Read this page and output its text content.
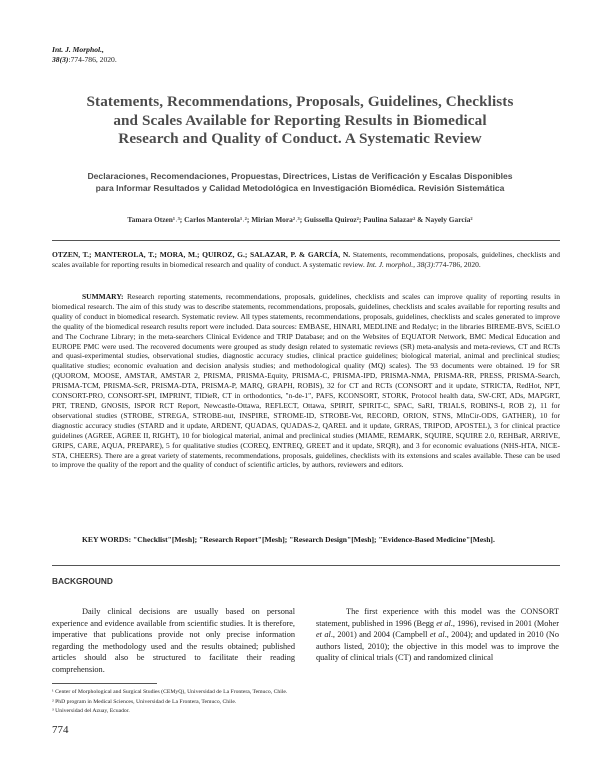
Int. J. Morphol.,
38(3):774-786, 2020.
Statements, Recommendations, Proposals, Guidelines, Checklists
and Scales Available for Reporting Results in Biomedical
Research and Quality of Conduct. A Systematic Review
Declaraciones, Recomendaciones, Propuestas, Directrices, Listas de Verificación y Escalas Disponibles
para Informar Resultados y Calidad Metodológica en Investigación Biomédica. Revisión Sistemática
Tamara Otzen¹˒³; Carlos Manterola¹˒²; Mirian Mora²˒³; Guissella Quiroz²; Paulina Salazar² & Nayely García²
OTZEN, T.; MANTEROLA, T.; MORA, M.; QUIROZ, G.; SALAZAR, P. & GARCÍA, N. Statements, recommendations, proposals, guidelines, checklists and scales available for reporting results in biomedical research and quality of conduct. A systematic review. Int. J. morphol., 38(3):774-786, 2020.
SUMMARY: Research reporting statements, recommendations, proposals, guidelines, checklists and scales can improve quality of reporting results in biomedical research. The aim of this study was to describe statements, recommendations, proposals, guidelines, checklists and scales available for reporting results and quality of conduct in biomedical research. Systematic review. All types statements, recommendations, proposals, guidelines, checklists and scales generated to improve the quality of the biomedical research results report were included. Data sources: EMBASE, HINARI, MEDLINE and Redalyc; in the libraries BIREME-BVS, SciELO and The Cochrane Library; in the meta-searchers Clinical Evidence and TRIP Database; and on the Websites of EQUATOR Network, BMC Medical Education and EUROPE PMC were used. The recovered documents were grouped as study design related to systematic reviews (SR) meta-analysis and meta-reviews, CT and RCTs and quasi-experimental studies, observational studies, diagnostic accuracy studies, clinical practice guidelines; biological material, animal and preclinical studies; qualitative studies; economic evaluation and decision analysis studies; and methodological quality (MQ) scales). The 93 documents were obtained. 19 for SR (QUOROM, MOOSE, AMSTAR, AMSTAR 2, PRISMA, PRISMA-Equity, PRISMA-C, PRISMA-IPD, PRISMA-NMA, PRISMA-RR, PRESS, PRISMA-Search, PRISMA-TCM, PRISMA-ScR, PRISMA-DTA, PRISMA-P, MARQ, GRAPH, ROBIS), 32 for CT and RCTs (CONSORT and it update, STRICTA, RedHot, NPT, CONSORT-PRO, CONSORT-SPI, IMPRINT, TIDieR, CT in orthodontics, "n-de-1", PAFS, KCONSORT, STORK, Protocol health data, SW-CRT, ADs, MAPGRT, PRT, TREND, GNOSIS, ISPOR RCT Report, Newcastle-Ottawa, REFLECT, Ottawa, SPIRIT, SPIRIT-C, SPAC, SaRI, TRIALS, ROBINS-I, ROB 2), 11 for observational studies (STROBE, STREGA, STROBE-nut, INSPIRE, STROME-ID, STROBE-Vet, RECORD, ORION, STNS, MInCir-ODS, GATHER), 10 for diagnostic accuracy studies (STARD and it update, ARDENT, QUADAS, QUADAS-2, QAREL and it update, GRRAS, TRIPOD, APOSTEL), 3 for clinical practice guidelines (AGREE, AGREE II, RIGHT), 10 for biological material, animal and preclinical studies (MIAME, REMARK, SQUIRE, SQUIRE 2.0, REHBaR, ARRIVE, GRIPS, CARE, AQUA, PREPARE), 5 for qualitative studies (COREQ, ENTREQ, GREET and it update, SRQR), and 3 for economic evaluations (NHS-HTA, NICE-STA, CHEERS). There are a great variety of statements, recommendations, proposals, guidelines, checklists with its extensions and scales available. These can be used to improve the quality of the report and the quality of conduct of scientific articles, by authors, reviewers and editors.
KEY WORDS: "Checklist"[Mesh]; "Research Report"[Mesh]; "Research Design"[Mesh]; "Evidence-Based Medicine"[Mesh].
BACKGROUND
Daily clinical decisions are usually based on personal experience and evidence available from scientific studies. It is therefore, imperative that publications provide not only precise information regarding the methodology used and the results obtained; published articles should also be structured to facilitate their reading comprehension.
The first experience with this model was the CONSORT statement, published in 1996 (Begg et al., 1996), revised in 2001 (Moher et al., 2001) and 2004 (Campbell et al., 2004); and updated in 2010 (No authors listed, 2010); the objective in this model was to improve the quality of clinical trials (CT) and randomized clinical
¹ Center of Morphological and Surgical Studies (CEMyQ), Universidad de La Frontera, Temuco, Chile.
² PhD program in Medical Sciences, Universidad de La Frontera, Temuco, Chile.
³ Universidad del Azuay, Ecuador.
774
